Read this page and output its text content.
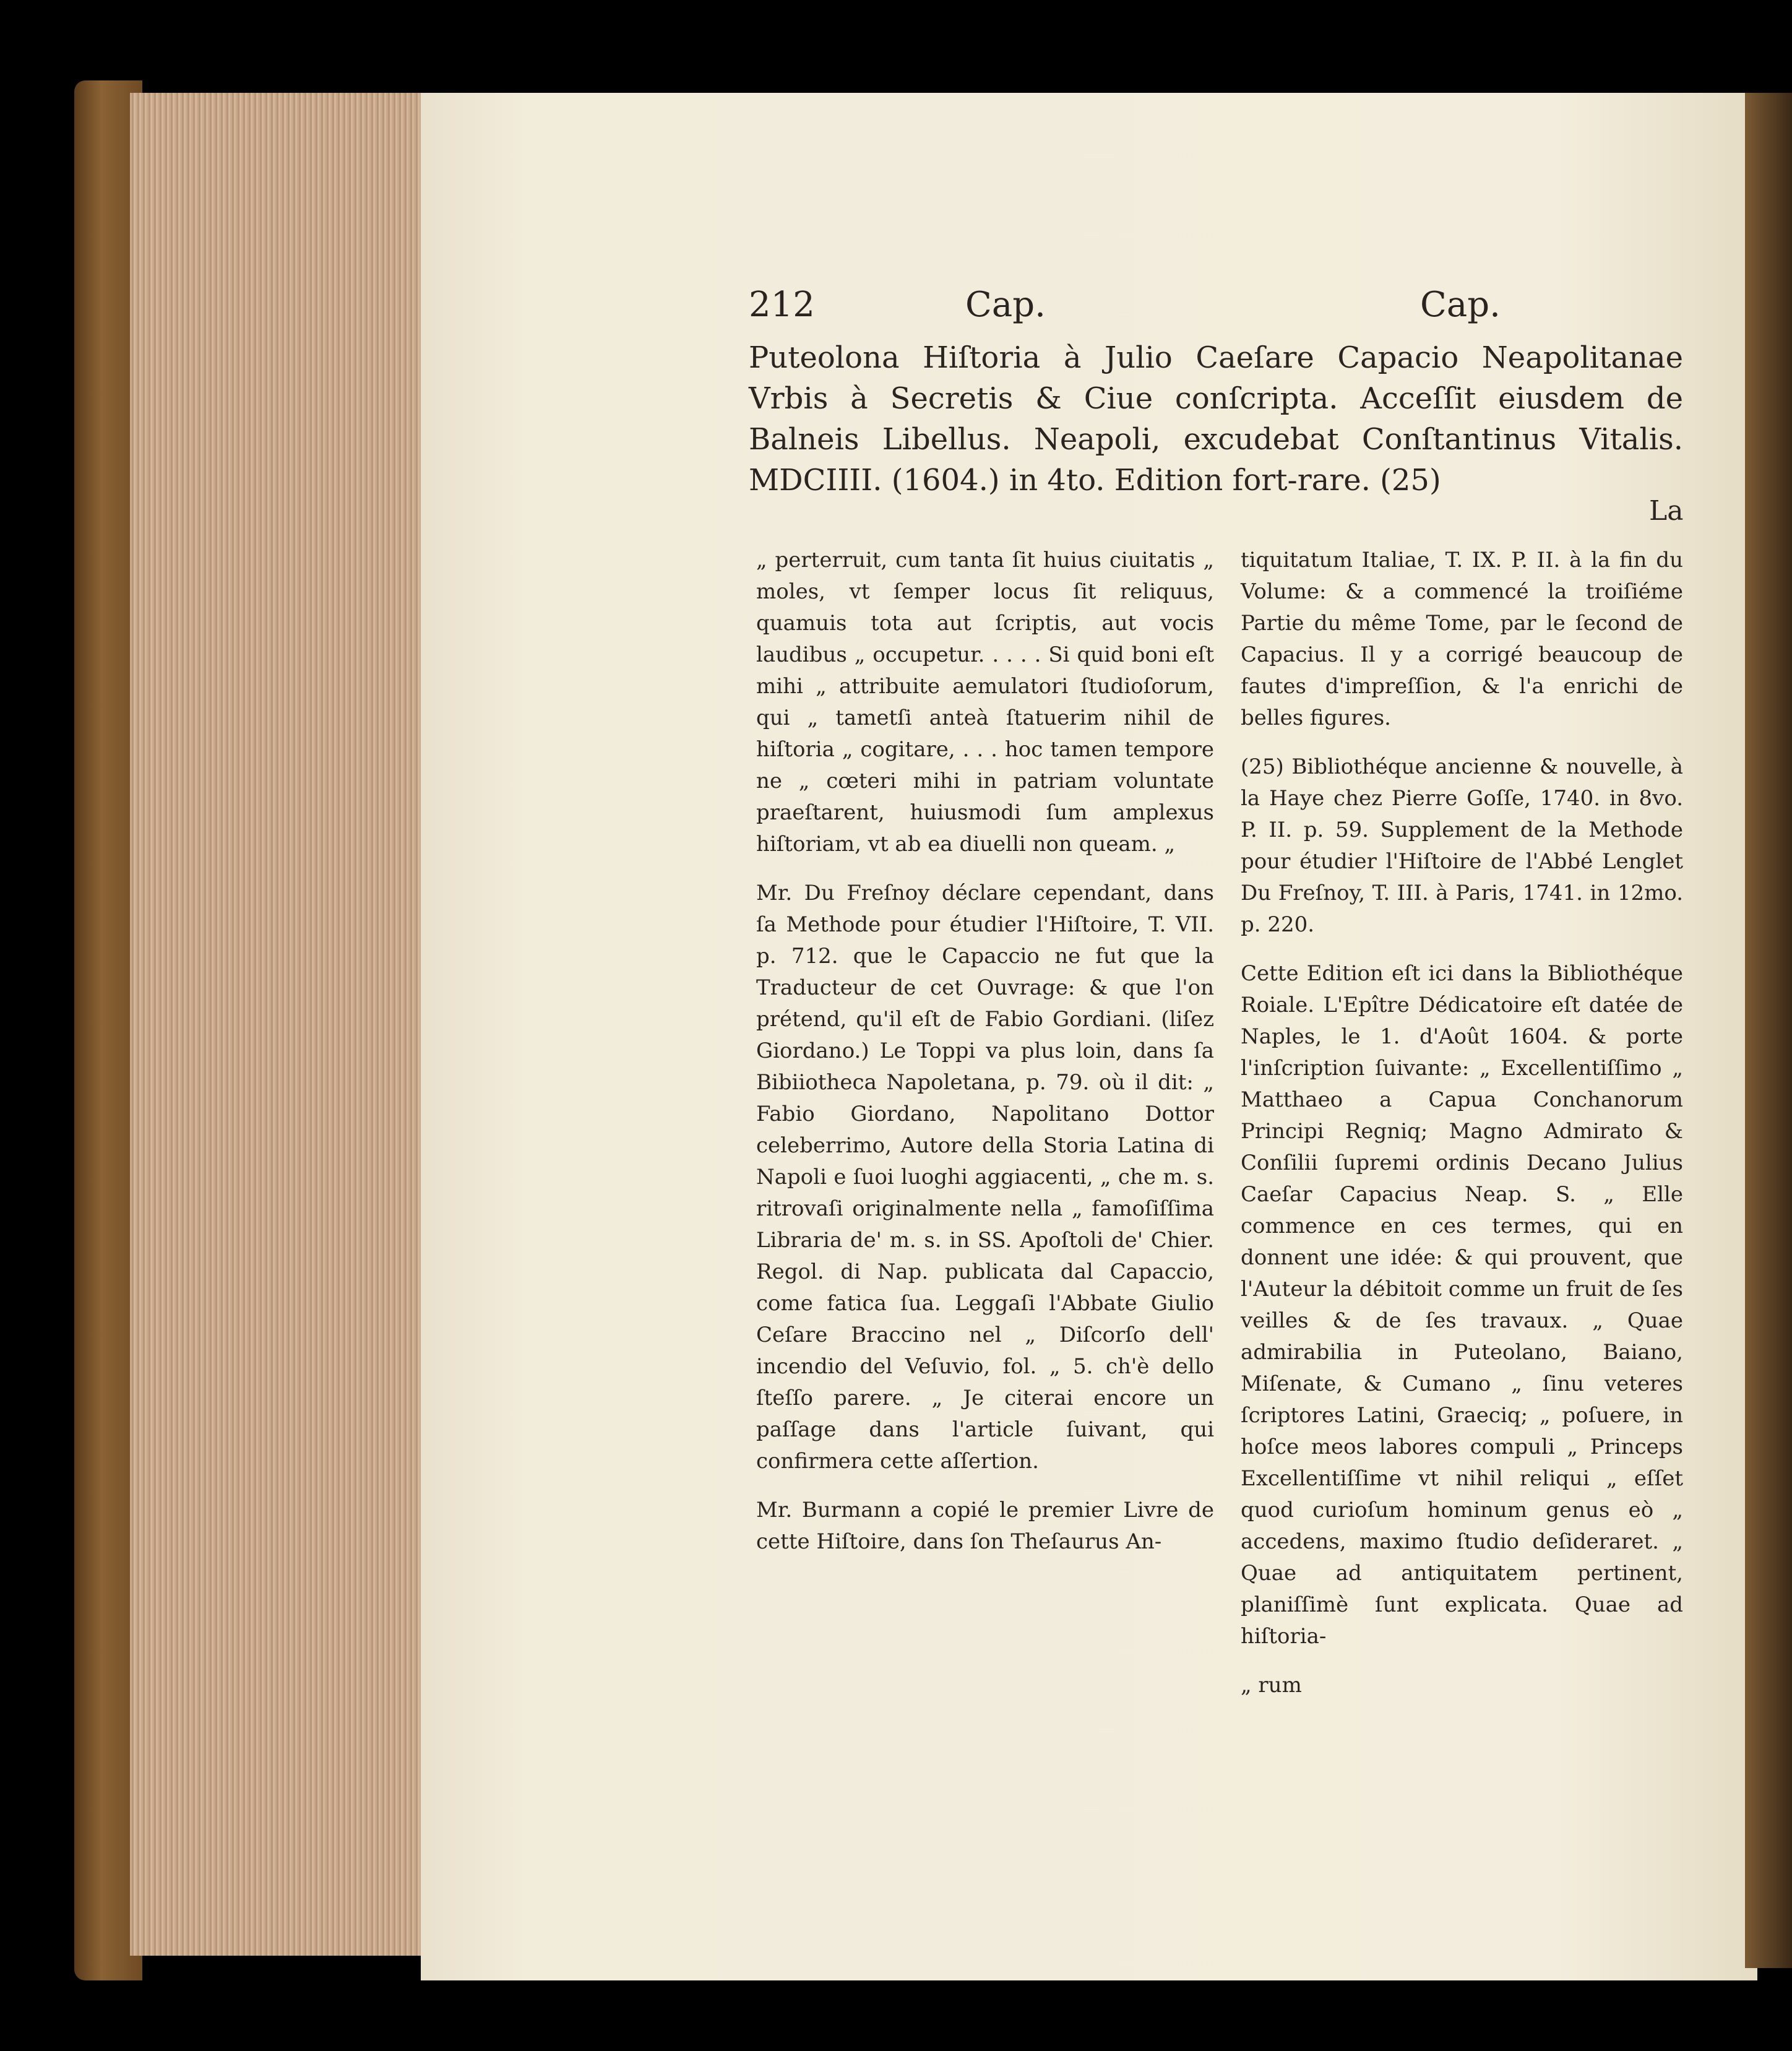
212	Cap.	Cap.
Puteolona Hiſtoria à Julio Caeſare Capacio Neapolitanae Vrbis à Secretis & Ciue conſcripta. Acceſſit eiusdem de Balneis Libellus. Neapoli, excudebat Conſtantinus Vitalis. MDCIIII. (1604.) in 4to. Edition fort-rare. (25)
La

„ perterruit, cum tanta ſit huius ciuitatis „ moles, vt ſemper locus ſit reliquus, quamuis tota aut ſcriptis, aut vocis laudibus „ occupetur. . . . . Si quid boni eſt mihi „ attribuite aemulatori ſtudioſorum, qui „ tametſi anteà ſtatuerim nihil de hiſtoria „ cogitare, . . . hoc tamen tempore ne „ cœteri mihi in patriam voluntate praeſtarent, huiusmodi ſum amplexus hiſtoriam, vt ab ea diuelli non queam. „

Mr. Du Freſnoy déclare cependant, dans ſa Methode pour étudier l'Hiſtoire, T. VII. p. 712. que le Capaccio ne fut que la Traducteur de cet Ouvrage: & que l'on prétend, qu'il eſt de Fabio Gordiani. (liſez Giordano.) Le Toppi va plus loin, dans ſa Bibiiotheca Napoletana, p. 79. où il dit: „ Fabio Giordano, Napolitano Dottor celeberrimo, Autore della Storia Latina di Napoli e ſuoi luoghi aggiacenti, „ che m. s. ritrovaſi originalmente nella „ famoſiſſima Libraria de' m. s. in SS. Apoſtoli de' Chier. Regol. di Nap. publicata dal Capaccio, come fatica ſua. Leggaſi l'Abbate Giulio Ceſare Braccino nel „ Diſcorſo dell' incendio del Veſuvio, fol. „ 5. ch'è dello ſteſſo parere. „ Je citerai encore un paſſage dans l'article ſuivant, qui confirmera cette aſſertion.

Mr. Burmann a copié le premier Livre de cette Hiſtoire, dans ſon Theſaurus An-

tiquitatum Italiae, T. IX. P. II. à la fin du Volume: & a commencé la troiſiéme Partie du même Tome, par le ſecond de Capacius. Il y a corrigé beaucoup de fautes d'impreſſion, & l'a enrichi de belles figures.

(25) Bibliothéque ancienne & nouvelle, à la Haye chez Pierre Goſſe, 1740. in 8vo. P. II. p. 59. Supplement de la Methode pour étudier l'Hiſtoire de l'Abbé Lenglet Du Freſnoy, T. III. à Paris, 1741. in 12mo. p. 220.

Cette Edition eſt ici dans la Bibliothéque Roiale. L'Epître Dédicatoire eſt datée de Naples, le 1. d'Août 1604. & porte l'inſcription ſuivante: „ Excellentiſſimo „ Matthaeo a Capua Conchanorum Principi Regniq; Magno Admirato & Conſilii ſupremi ordinis Decano Julius Caeſar Capacius Neap. S. „ Elle commence en ces termes, qui en donnent une idée: & qui prouvent, que l'Auteur la débitoit comme un fruit de ſes veilles & de ſes travaux. „ Quae admirabilia in Puteolano, Baiano, Miſenate, & Cumano „ ſinu veteres ſcriptores Latini, Graeciq; „ poſuere, in hoſce meos labores compuli „ Princeps Excellentiſſime vt nihil reliqui „ eſſet quod curioſum hominum genus eò „ accedens, maximo ſtudio deſideraret. „ Quae ad antiquitatem pertinent, planiſſimè ſunt explicata. Quae ad hiſtoria-

„ rum
